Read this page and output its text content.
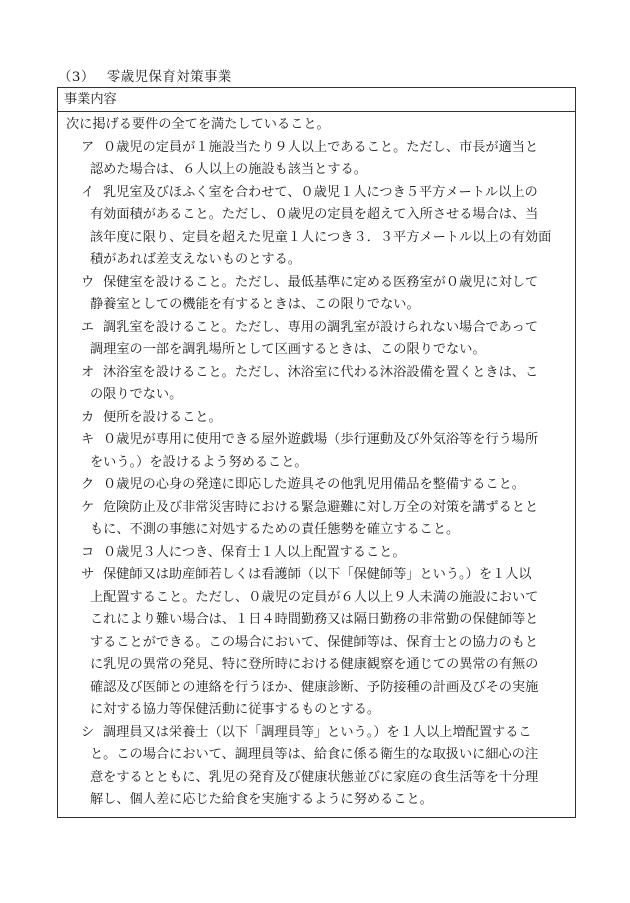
（3） 零歳児保育対策事業
事業内容
次に掲げる要件の全てを満たしていること。
ア ０歳児の定員が１施設当たり９人以上であること。ただし、市長が適当と
認めた場合は、６人以上の施設も該当とする。
イ 乳児室及びほふく室を合わせて、０歳児１人につき５平方メートル以上の
有効面積があること。ただし、０歳児の定員を超えて入所させる場合は、当
該年度に限り、定員を超えた児童１人につき３．３平方メートル以上の有効面
積があれば差支えないものとする。
ウ 保健室を設けること。ただし、最低基準に定める医務室が０歳児に対して
静養室としての機能を有するときは、この限りでない。
エ 調乳室を設けること。ただし、専用の調乳室が設けられない場合であって
調理室の一部を調乳場所として区画するときは、この限りでない。
オ 沐浴室を設けること。ただし、沐浴室に代わる沐浴設備を置くときは、こ
の限りでない。
カ 便所を設けること。
キ ０歳児が専用に使用できる屋外遊戯場（歩行運動及び外気浴等を行う場所
をいう。）を設けるよう努めること。
ク ０歳児の心身の発達に即応した遊具その他乳児用備品を整備すること。
ケ 危険防止及び非常災害時における緊急避難に対し万全の対策を講ずるとと
もに、不測の事態に対処するための責任態勢を確立すること。
コ ０歳児３人につき、保育士１人以上配置すること。
サ 保健師又は助産師若しくは看護師（以下「保健師等」という。）を１人以
上配置すること。ただし、０歳児の定員が６人以上９人未満の施設において
これにより難い場合は、１日４時間勤務又は隔日勤務の非常勤の保健師等と
することができる。この場合において、保健師等は、保育士との協力のもと
に乳児の異常の発見、特に登所時における健康観察を通じての異常の有無の
確認及び医師との連絡を行うほか、健康診断、予防接種の計画及びその実施
に対する協力等保健活動に従事するものとする。
シ 調理員又は栄養士（以下「調理員等」という。）を１人以上増配置するこ
と。この場合において、調理員等は、給食に係る衛生的な取扱いに細心の注
意をするとともに、乳児の発育及び健康状態並びに家庭の食生活等を十分理
解し、個人差に応じた給食を実施するように努めること。
